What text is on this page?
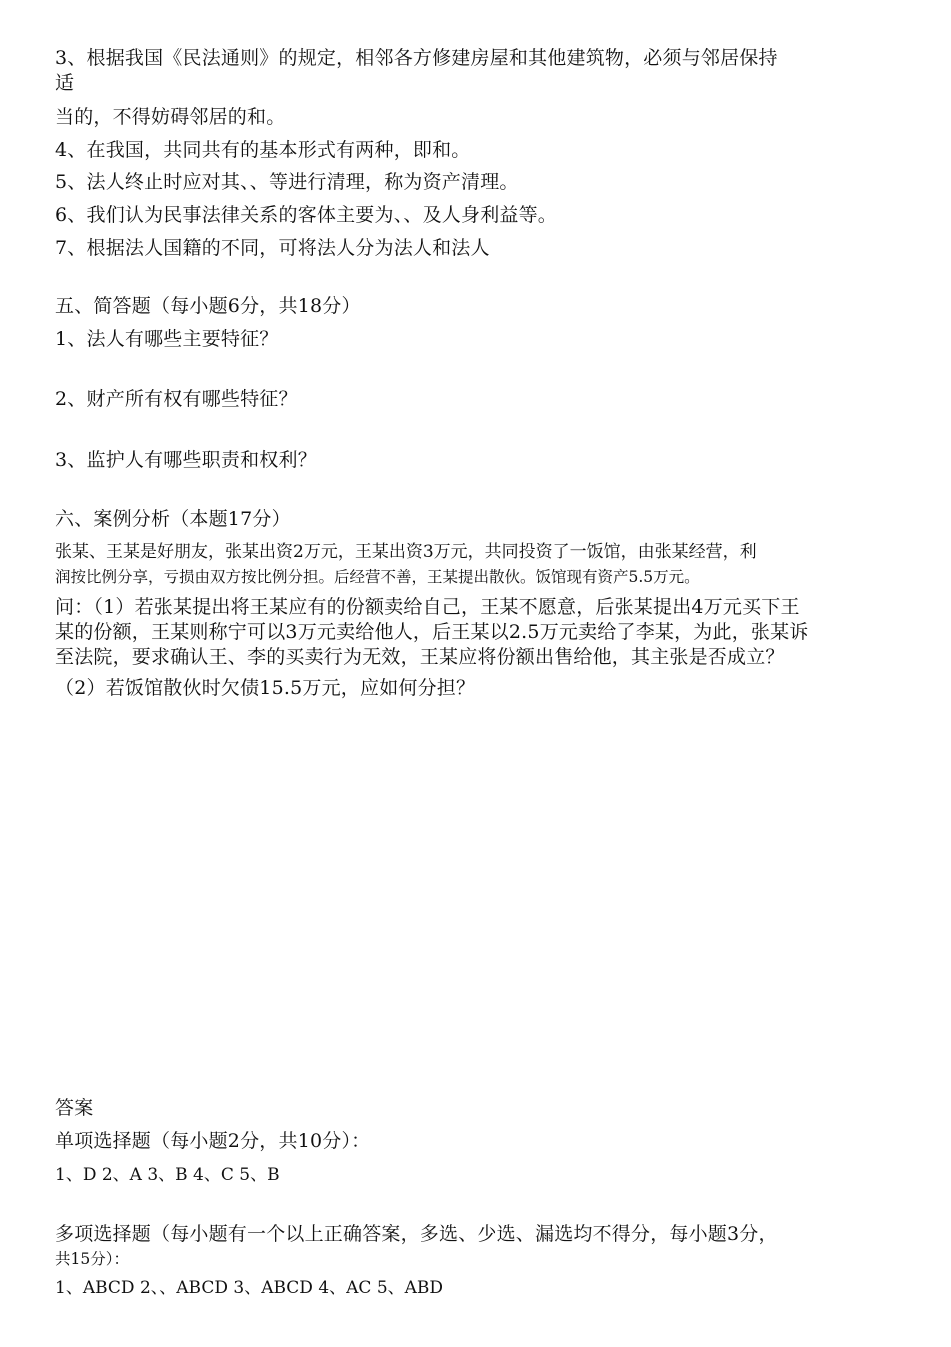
3、根据我国《民法通则》的规定，相邻各方修建房屋和其他建筑物，必须与邻居保持

适

当的，不得妨碍邻居的和。

4、在我国，共同共有的基本形式有两种，即和。

5、法人终止时应对其、、等进行清理，称为资产清理。

6、我们认为民事法律关系的客体主要为、、及人身利益等。

7、根据法人国籍的不同，可将法人分为法人和法人

五、简答题（每小题6分，共18分）

1、法人有哪些主要特征？

2、财产所有权有哪些特征？

3、监护人有哪些职责和权利？

六、案例分析（本题17分）

张某、王某是好朋友，张某出资2万元，王某出资3万元，共同投资了一饭馆，由张某经营，利

润按比例分享，亏损由双方按比例分担。后经营不善，王某提出散伙。饭馆现有资产5.5万元。

问：（1）若张某提出将王某应有的份额卖给自己，王某不愿意，后张某提出4万元买下王

某的份额，王某则称宁可以3万元卖给他人，后王某以2.5万元卖给了李某，为此，张某诉

至法院，要求确认王、李的买卖行为无效，王某应将份额出售给他，其主张是否成立？

（2）若饭馆散伙时欠债15.5万元，应如何分担？

答案

单项选择题（每小题2分，共10分）：

1、D 2、A 3、B 4、C 5、B

多项选择题（每小题有一个以上正确答案，多选、少选、漏选均不得分，每小题3分，

共15分）：

1、ABCD 2、、ABCD 3、ABCD 4、AC 5、ABD
